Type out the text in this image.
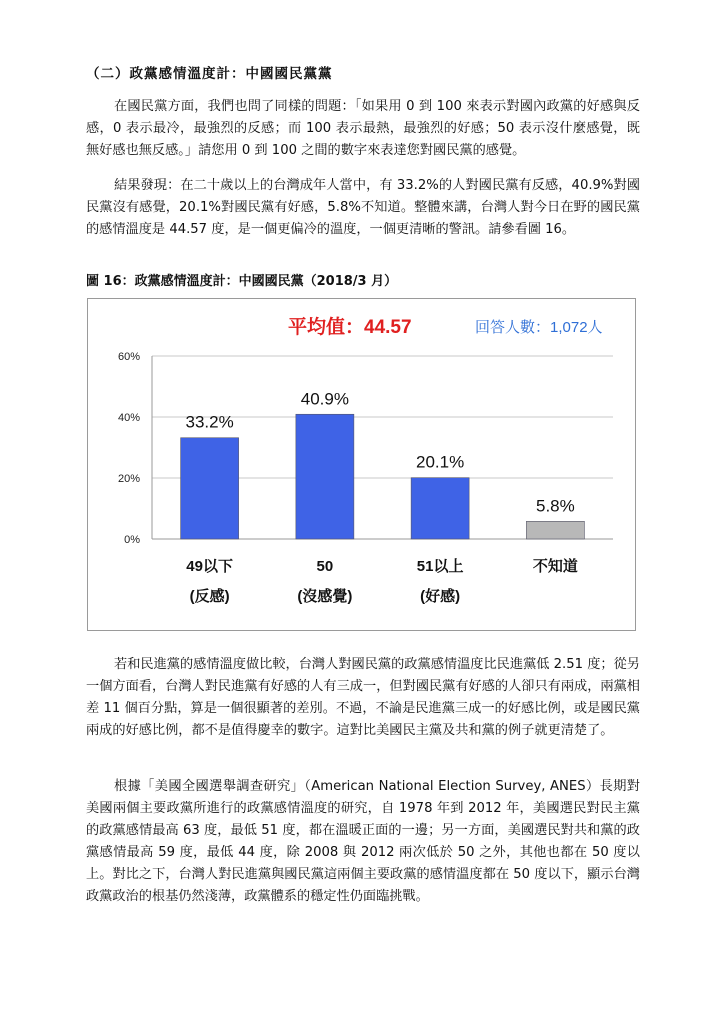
（二）政黨感情溫度計：中國國民黨黨

在國民黨方面，我們也問了同樣的問題：「如果用 0 到 100 來表示對國內政黨的好感與反感，0 表示最冷，最強烈的反感；而 100 表示最熱，最強烈的好感；50 表示沒什麼感覺，既無好感也無反感。」請您用 0 到 100 之間的數字來表達您對國民黨的感覺。

結果發現：在二十歲以上的台灣成年人當中，有 33.2%的人對國民黨有反感，40.9%對國民黨沒有感覺，20.1%對國民黨有好感，5.8%不知道。整體來講，台灣人對今日在野的國民黨的感情溫度是 44.57 度，是一個更偏冷的溫度，一個更清晰的警訊。請參看圖 16。

圖 16：政黨感情溫度計：中國國民黨（2018/3 月）
平均值：44.57	回答人數：1,072人
0%
20%
40%
60%
33.2%
49以下
(反感)
40.9%
50
(沒感覺)
20.1%
51以上
(好感)
5.8%
不知道

若和民進黨的感情溫度做比較，台灣人對國民黨的政黨感情溫度比民進黨低 2.51 度；從另一個方面看，台灣人對民進黨有好感的人有三成一，但對國民黨有好感的人卻只有兩成，兩黨相差 11 個百分點，算是一個很顯著的差別。不過，不論是民進黨三成一的好感比例，或是國民黨兩成的好感比例，都不是值得慶幸的數字。這對比美國民主黨及共和黨的例子就更清楚了。

根據「美國全國選舉調查研究」（American National Election Survey, ANES）長期對美國兩個主要政黨所進行的政黨感情溫度的研究，自 1978 年到 2012 年，美國選民對民主黨的政黨感情最高 63 度，最低 51 度，都在溫暖正面的一邊；另一方面，美國選民對共和黨的政黨感情最高 59 度，最低 44 度，除 2008 與 2012 兩次低於 50 之外，其他也都在 50 度以上。對比之下，台灣人對民進黨與國民黨這兩個主要政黨的感情溫度都在 50 度以下，顯示台灣政黨政治的根基仍然淺薄，政黨體系的穩定性仍面臨挑戰。
